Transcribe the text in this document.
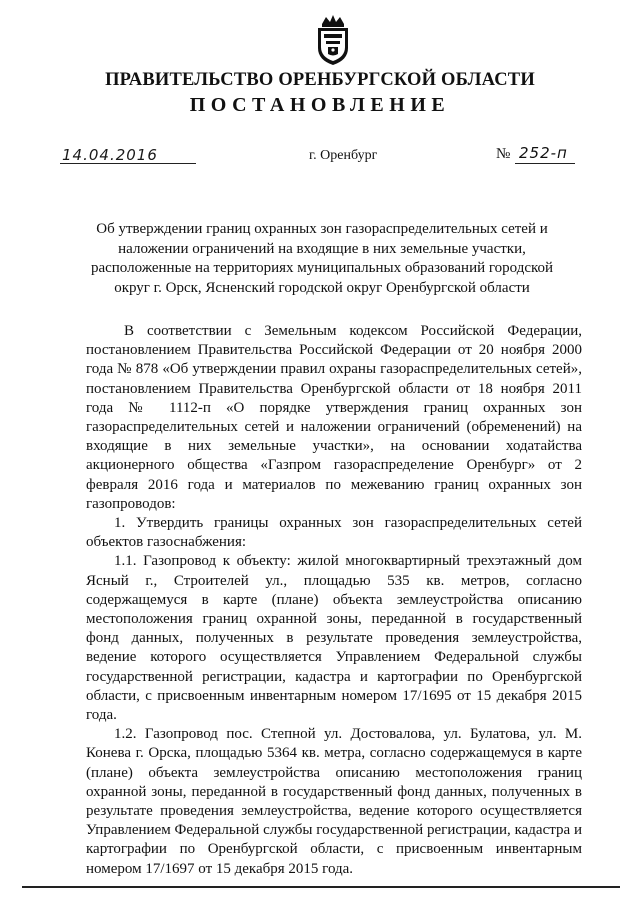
ПРАВИТЕЛЬСТВО ОРЕНБУРГСКОЙ ОБЛАСТИ
ПОСТАНОВЛЕНИЕ
14.04.2016	г. Оренбург	№ 252-п
Об утверждении границ охранных зон газораспределительных сетей и наложении ограничений на входящие в них земельные участки, расположенные на территориях муниципальных образований городской округ г. Орск, Ясненский городской округ Оренбургской области

В соответствии с Земельным кодексом Российской Федерации, постановлением Правительства Российской Федерации от 20 ноября 2000 года № 878 «Об утверждении правил охраны газораспределительных сетей», постановлением Правительства Оренбургской области от 18 ноября 2011 года № 1112-п «О порядке утверждения границ охранных зон газораспределительных сетей и наложении ограничений (обременений) на входящие в них земельные участки», на основании ходатайства акционерного общества «Газпром газораспределение Оренбург» от 2 февраля 2016 года и материалов по межеванию границ охранных зон газопроводов:

1. Утвердить границы охранных зон газораспределительных сетей объектов газоснабжения:

1.1. Газопровод к объекту: жилой многоквартирный трехэтажный дом Ясный г., Строителей ул., площадью 535 кв. метров, согласно содержащемуся в карте (плане) объекта землеустройства описанию местоположения границ охранной зоны, переданной в государственный фонд данных, полученных в результате проведения землеустройства, ведение которого осуществляется Управлением Федеральной службы государственной регистрации, кадастра и картографии по Оренбургской области, с присвоенным инвентарным номером 17/1695 от 15 декабря 2015 года.

1.2. Газопровод пос. Степной ул. Достовалова, ул. Булатова, ул. М. Конева г. Орска, площадью 5364 кв. метра, согласно содержащемуся в карте (плане) объекта землеустройства описанию местоположения границ охранной зоны, переданной в государственный фонд данных, полученных в результате проведения землеустройства, ведение которого осуществляется Управлением Федеральной службы государственной регистрации, кадастра и картографии по Оренбургской области, с присвоенным инвентарным номером 17/1697 от 15 декабря 2015 года.
